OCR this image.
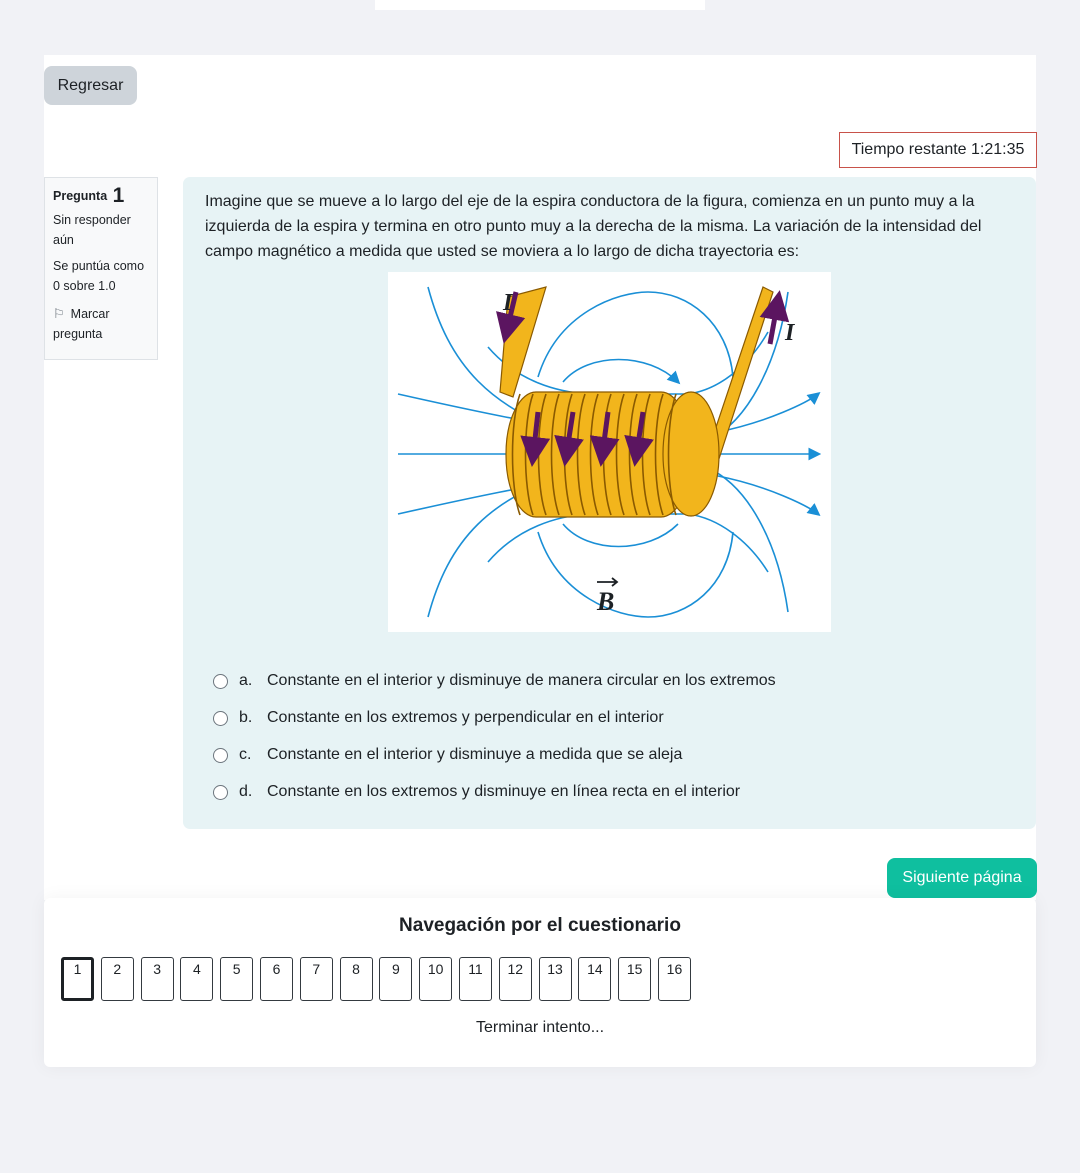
Regresar
Tiempo restante 1:21:35
Pregunta 1

Sin responder aún

Se puntúa como 0 sobre 1.0

⚐ Marcar pregunta
Imagine que se mueve a lo largo del eje de la espira conductora de la figura, comienza en un punto muy a la izquierda de la espira y termina en otro punto muy a la derecha de la misma. La variación de la intensidad del campo magnético a medida que usted se moviera a lo largo de dicha trayectoria es:
I
I
B
a. Constante en el interior y disminuye de manera circular en los extremos
b. Constante en los extremos y perpendicular en el interior
c. Constante en el interior y disminuye a medida que se aleja
d. Constante en los extremos y disminuye en línea recta en el interior
Siguiente página
Navegación por el cuestionario
1	2	3	4	5	6	7	8	9	10	11	12	13	14	15	16
Terminar intento...
